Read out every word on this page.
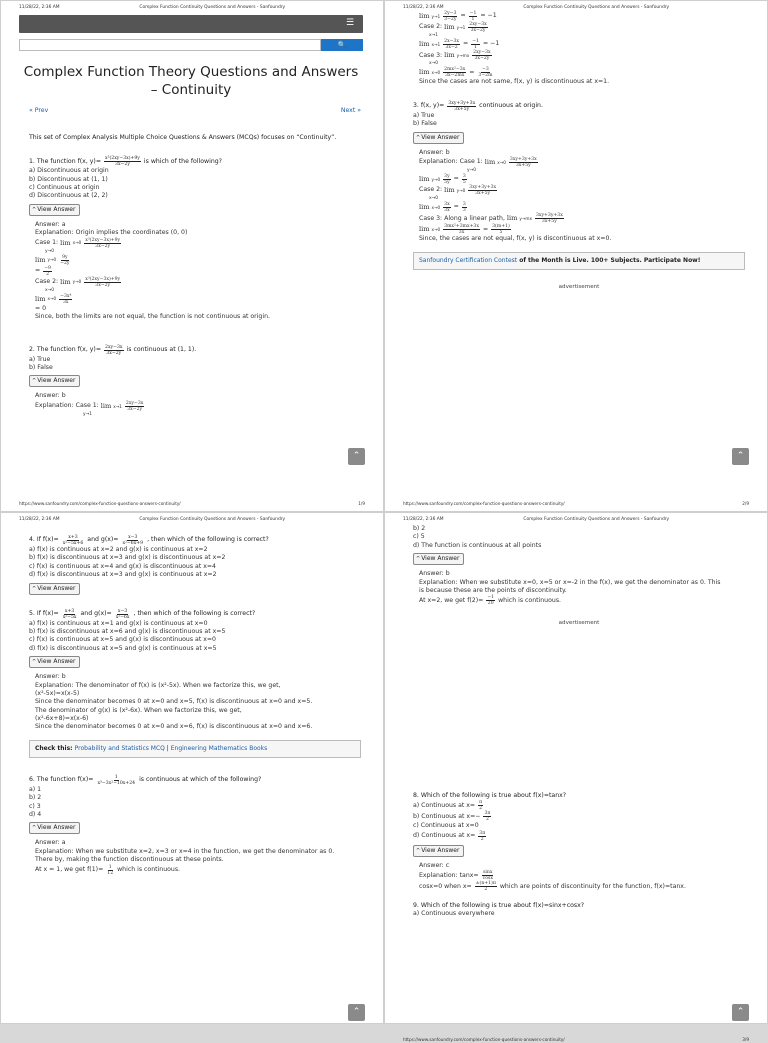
11/28/22, 2:36 AM	Complex Function Continuity Questions and Answers - Sanfoundry
☰
🔍
Complex Function Theory Questions and Answers – Continuity
« Prev	Next »
This set of Complex Analysis Multiple Choice Questions & Answers (MCQs) focuses on “Continuity”.
1. The function f(x, $y)= \frac{\text{x³(2xy−3x)+9y}}{3x-2y}$ is which of the following?
a) Discontinuous at origin
b) Discontinuous at (1, 1)
c) Continuous at origin
d) Discontinuous at (2, 2)
^View Answer
Answer: a
Explanation: Origin implies the coordinates (0, 0)
Case 1: $\lim x\to 0 \frac{\text{x³(2xy−3x)+9y}}{3x-2y}$
y→0
$\lim y\to 0 \frac{9y}{-2y}$
= $\frac{-9}{2}$
Case 2: $\lim y\to 0 \frac{\text{x³(2xy−3x)+9y}}{3x-2y}$
x→0
$\lim x\to 0 \frac{\text{−3x⁴}}{3x}$
= 0
Since, both the limits are not equal, the function is not continuous at origin.
2. The function f(x, $y)= \frac{2xy-3x}{3x-2y}$ is continuous at (1, 1).
a) True
b) False
^View Answer
Answer: b
Explanation: Case 1: $\lim x\to 1 \frac{2xy-3x}{3x-2y}$
y→1
⌃
https://www.sanfoundry.com/complex-function-questions-answers-continuity/	1/9
11/28/22, 2:36 AM	Complex Function Continuity Questions and Answers - Sanfoundry
$\lim y\to 1 \frac{2y-3}{3-2y} = \frac{-1}{1} = -1$
Case 2: $\lim y\to 1 \frac{2xy-3x}{3x-2y}$
x→1
$\lim x\to 1 \frac{2x-3x}{3x-2} = \frac{-1}{1} = -1$
Case 3: $\lim y\to mx \frac{2xy-3x}{3x-2y}$
x→0
$\lim x\to 0 \frac{\text{2mx²−3x}}{3x-2mx} = \frac{-3}{3-2m}$
Since the cases are not same, f(x, y) is discontinuous at x=1.
3. f(x, $y)= \frac{3xy+3y+3x}{3x+5y}$ continuous at origin.
a) True
b) False
^View Answer
Answer: b
Explanation: Case 1: $\lim x\to 0 \frac{3xy+3y+3x}{3x+5y}$
y→0
$\lim y\to 0 \frac{3y}{5y} = \frac{3}{5}$
Case 2: $\lim y\to 0 \frac{3xy+3y+3x}{3x+5y}$
x→0
$\lim x\to 0 \frac{3x}{3x} = \frac{3}{3}$
Case 3: Along a linear path, $\lim y\to mx \frac{3xy+3y+3x}{3x+5y}$
$\lim x\to 0 \frac{\text{3mx²+3mx+3x}}{3x} = \frac{3(m+1)}{5}$
Since, the cases are not equal, f(x, y) is discontinuous at x=0.
Sanfoundry Certification Contest of the Month is Live. 100+ Subjects. Participate Now!
advertisement
⌃
https://www.sanfoundry.com/complex-function-questions-answers-continuity/	2/9
11/28/22, 2:36 AM	Complex Function Continuity Questions and Answers - Sanfoundry
4. If $f(x)= \frac{x+3}{\text{x²−5x+6}}$ and $g(x)= \frac{x-3}{\text{x²−6x+9}}$ , then which of the following is correct?
a) f(x) is continuous at x=2 and g(x) is continuous at x=2
b) f(x) is discontinuous at x=3 and g(x) is discontinuous at x=2
c) f(x) is continuous at x=4 and g(x) is discontinuous at x=4
d) f(x) is discontinuous at x=3 and g(x) is continuous at x=2
^View Answer
5. If $f(x)= \frac{x+3}{\text{x²−5x}}$ and $g(x)= \frac{x-3}{\text{x²−6x}}$ , then which of the following is correct?
a) f(x) is continuous at x=1 and g(x) is continuous at x=0
b) f(x) is discontinuous at x=6 and g(x) is discontinuous at x=5
c) f(x) is continuous at x=5 and g(x) is discontinuous at x=0
d) f(x) is discontinuous at x=5 and g(x) is continuous at x=5
^View Answer
Answer: b
Explanation: The denominator of f(x) is (x²-5x). When we factorize this, we get,
(x²-5x)=x(x-5)
Since the denominator becomes 0 at x=0 and x=5, f(x) is discontinuous at x=0 and x=5.
The denominator of g(x) is (x²-6x). When we factorize this, we get,
(x²-6x+8)=x(x-6)
Since the denominator becomes 0 at x=0 and x=6, f(x) is discontinuous at x=0 and x=6.
Check this: Probability and Statistics MCQ | Engineering Mathematics Books
6. The function $f(x)= \frac{1}{\text{x³−3x²−10x+24}}$ is continuous at which of the following?
a) 1
b) 2
c) 3
d) 4
^View Answer
Answer: a
Explanation: When we substitute x=2, x=3 or x=4 in the function, we get the denominator as 0.
There by, making the function discontinuous at these points.
At x = 1, we get $f(1)= \frac{1}{12}$ which is continuous.
⌃
11/28/22, 2:36 AM	Complex Function Continuity Questions and Answers - Sanfoundry
b) 2
c) 5
d) The function is continuous at all points
^View Answer
Answer: b
Explanation: When we substitute x=0, x=5 or x=-2 in the f(x), we get the denominator as 0. This
is because these are the points of discontinuity.
At x=2, we get $f(2)= \frac{-1}{20}$ which is continuous.
advertisement
8. Which of the following is true about f(x)=tanx?
a) Continuous at $x= \frac{\pi}{2}$
b) Continuous at $x=- \frac{3\pi}{2}$
c) Continuous at x=0
d) Continuous at $x= \frac{3\pi}{2}$
^View Answer
Answer: c
Explanation: $\tan x= \frac{\sin x}{\cos x}$
cosx=0 when $x= \frac{\pm(n+1)\pi}{2}$ which are points of discontinuity for the function, f(x)=tanx.
9. Which of the following is true about f(x)=sinx+cosx?
a) Continuous everywhere
⌃
https://www.sanfoundry.com/complex-function-questions-answers-continuity/	3/9
